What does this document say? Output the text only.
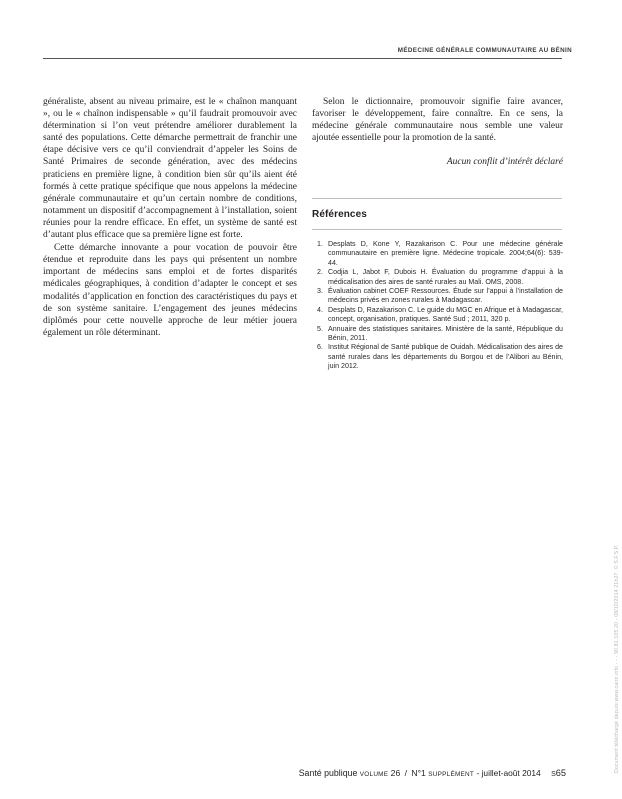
MÉDECINE GÉNÉRALE COMMUNAUTAIRE AU BÉNIN

généraliste, absent au niveau primaire, est le « chaînon manquant », ou le « chaînon indispensable » qu’il faudrait promouvoir avec détermination si l’on veut prétendre améliorer durablement la santé des populations. Cette démarche permettrait de franchir une étape décisive vers ce qu’il conviendrait d’appeler les Soins de Santé Primaires de seconde génération, avec des médecins praticiens en première ligne, à condition bien sûr qu’ils aient été formés à cette pratique spécifique que nous appelons la médecine générale communautaire et qu’un certain nombre de conditions, notamment un dispositif d’accompagnement à l’installation, soient réunies pour la rendre efficace. En effet, un système de santé est d’autant plus efficace que sa première ligne est forte.

Cette démarche innovante a pour vocation de pouvoir être étendue et reproduite dans les pays qui présentent un nombre important de médecins sans emploi et de fortes disparités médicales géographiques, à condition d’adapter le concept et ses modalités d’application en fonction des caractéristiques du pays et de son système sanitaire. L’engagement des jeunes médecins diplômés pour cette nouvelle approche de leur métier jouera également un rôle déterminant.

Selon le dictionnaire, promouvoir signifie faire avancer, favoriser le développement, faire connaître. En ce sens, la médecine générale communautaire nous semble une valeur ajoutée essentielle pour la promotion de la santé.

Aucun conflit d’intérêt déclaré
Références
1. Desplats D, Kone Y, Razakarison C. Pour une médecine générale communautaire en première ligne. Médecine tropicale. 2004;64(6): 539-44.
2. Codjia L, Jabot F, Dubois H. Évaluation du programme d’appui à la médicalisation des aires de santé rurales au Mali. OMS, 2008.
3. Évaluation cabinet COEF Ressources. Étude sur l’appui à l’installation de médecins privés en zones rurales à Madagascar.
4. Desplats D, Razakarison C. Le guide du MGC en Afrique et à Madagascar, concept, organisation, pratiques. Santé Sud ; 2011, 320 p.
5. Annuaire des statistiques sanitaires. Ministère de la santé, République du Bénin, 2011.
6. Institut Régional de Santé publique de Ouidah. Médicalisation des aires de santé rurales dans les départements du Borgou et de l’Alibori au Bénin, juin 2012.
Document téléchargé depuis www.cairn.info - - - 90.81.105.20 - 08/10/2014 21h27. © S.F.S.P.
Santé publique VOLUME 26 / N°1 SUPPLÉMENT - juillet-août 2014 S65
